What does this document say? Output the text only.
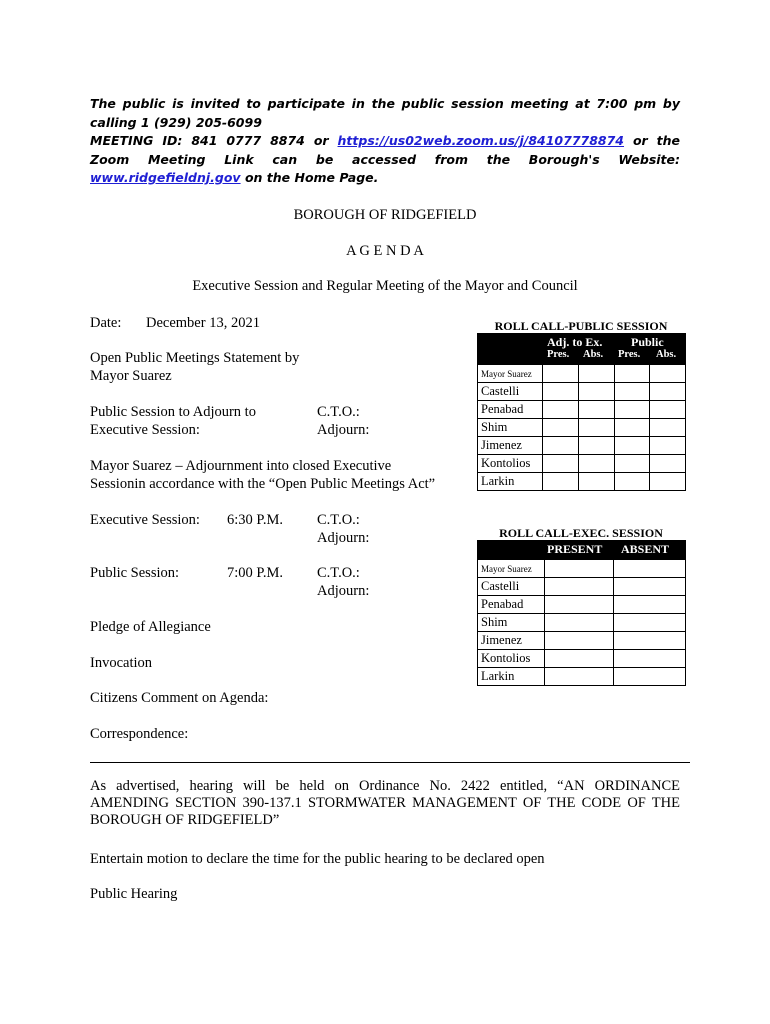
The public is invited to participate in the public session meeting at 7:00 pm by
calling 1 (929) 205-6099
MEETING ID: 841 0777 8874 or https://us02web.zoom.us/j/84107778874 or the
Zoom Meeting Link can be accessed from the Borough's Website:
www.ridgefieldnj.gov on the Home Page.
BOROUGH OF RIDGEFIELD
A G E N D A
Executive Session and Regular Meeting of the Mayor and Council
Date: December 13, 2021
Open Public Meetings Statement by
Mayor Suarez
Public Session to Adjourn to
Executive Session:
C.T.O.:
Adjourn:
Mayor Suarez – Adjournment into closed Executive
Sessionin accordance with the “Open Public Meetings Act”
Executive Session: 6:30 P.M. C.T.O.:
Adjourn:
Public Session:	7:00 P.M. C.T.O.:
Adjourn:
Pledge of Allegiance
Invocation
Citizens Comment on Agenda:
Correspondence:
ROLL CALL-PUBLIC SESSION
Adj. to Ex. Public
Pres. Abs. Pres. Abs.
Mayor Suarez				
Castelli				
Penabad				
Shim				
Jimenez				
Kontolios				
Larkin				
ROLL CALL-EXEC. SESSION
PRESENT ABSENT
Mayor Suarez		
Castelli		
Penabad		
Shim		
Jimenez		
Kontolios		
Larkin		
As advertised, hearing will be held on Ordinance No. 2422 entitled, “AN ORDINANCE AMENDING SECTION 390-137.1 STORMWATER MANAGEMENT OF THE CODE OF THE BOROUGH OF RIDGEFIELD”
Entertain motion to declare the time for the public hearing to be declared open
Public Hearing
